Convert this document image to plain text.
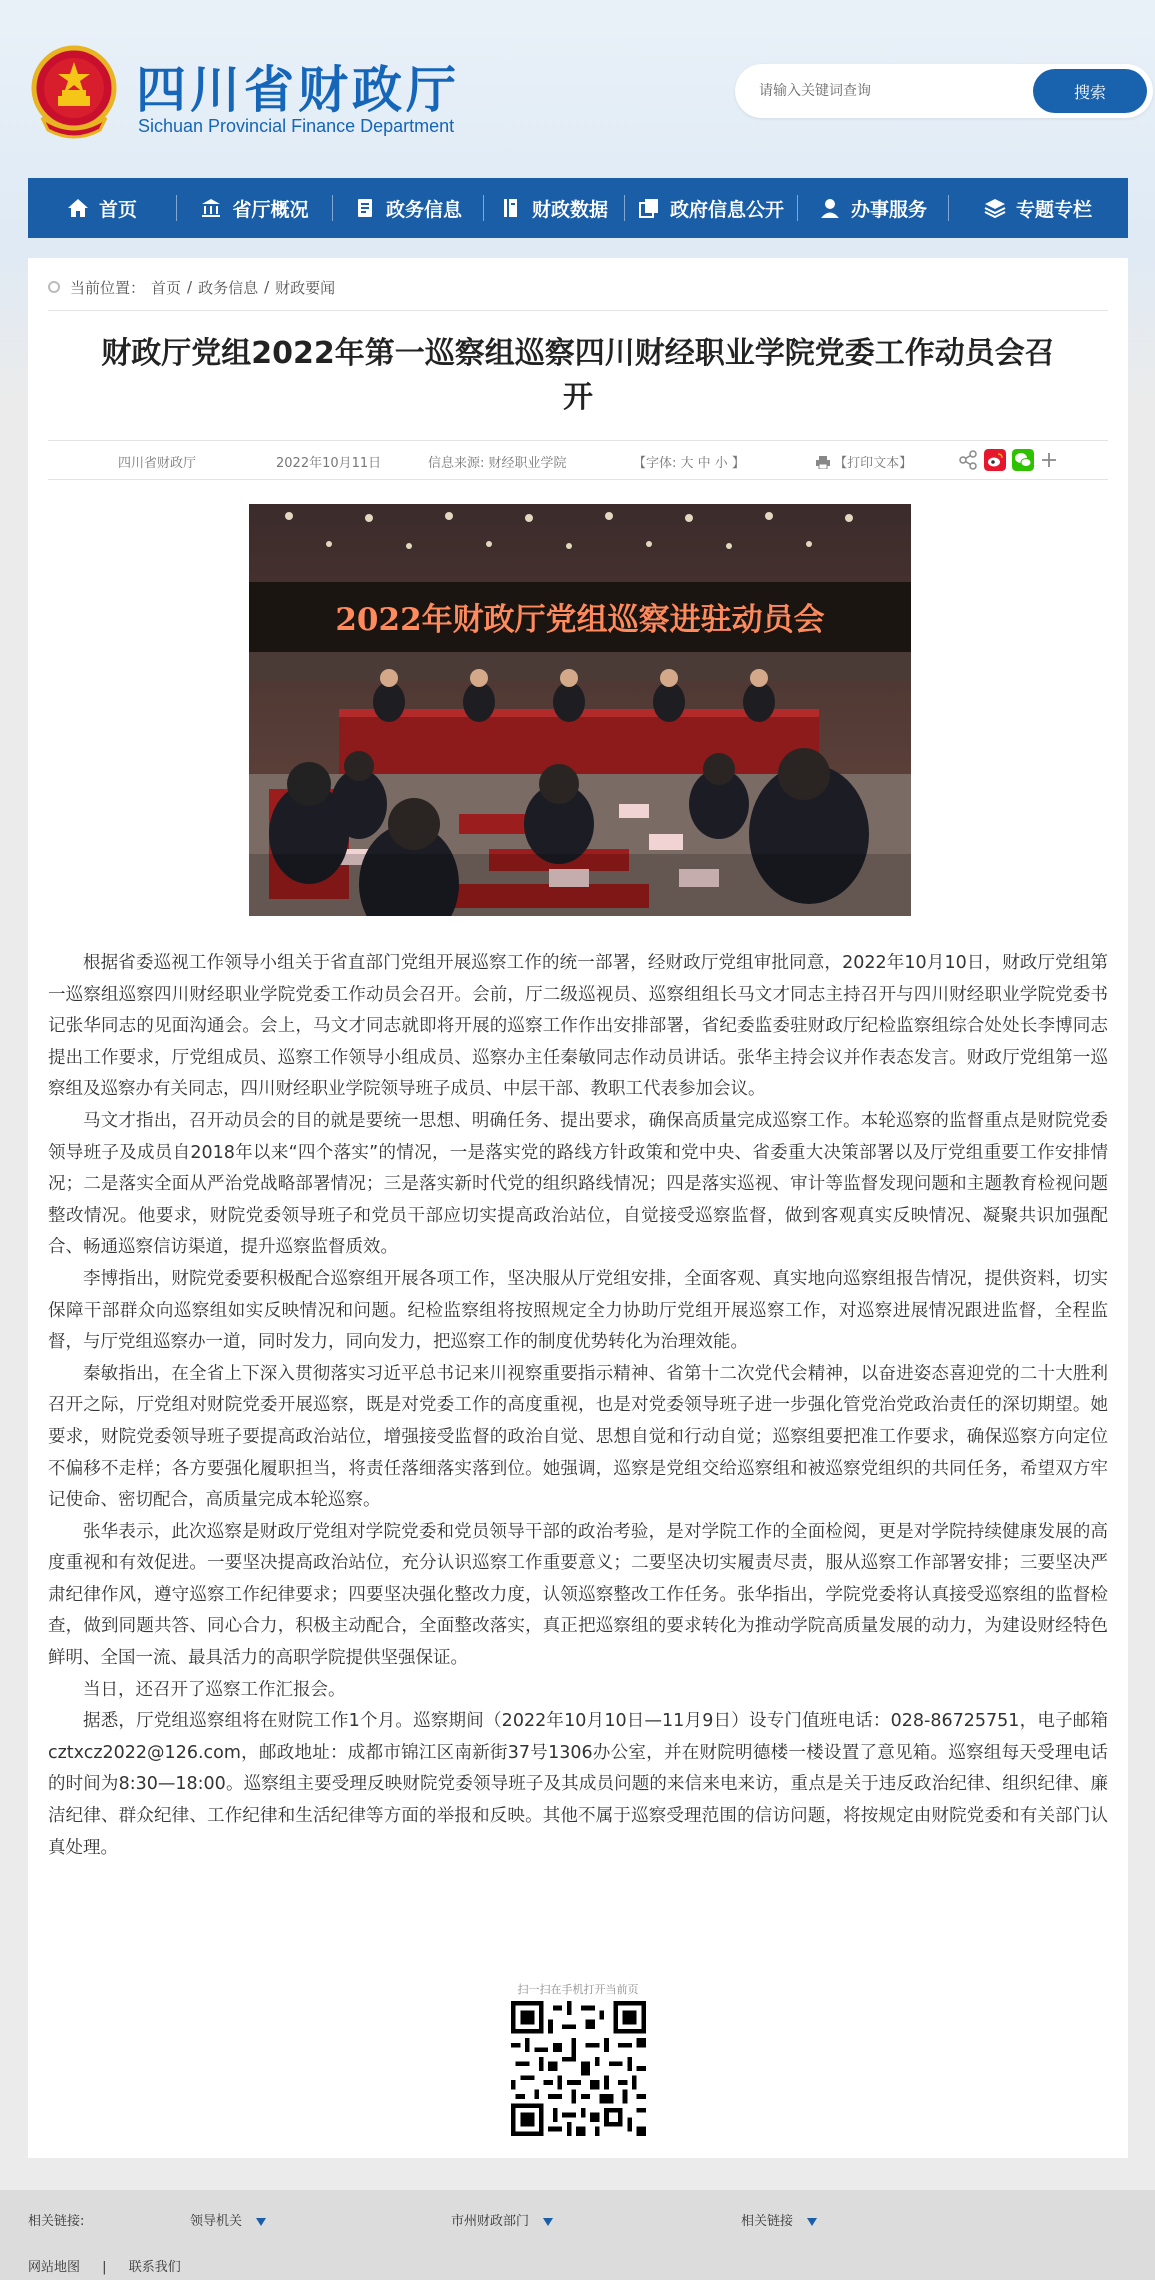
四川省财政厅
Sichuan Provincial Finance Department
请输入关键词查询
搜索
首页	省厅概况	政务信息	财政数据	政府信息公开	办事服务	专题专栏
当前位置： 首页 / 政务信息 / 财政要闻
财政厅党组2022年第一巡察组巡察四川财经职业学院党委工作动员会召开
四川省财政厅	2022年10月11日	信息来源: 财经职业学院	【字体: 大 中 小 】	【打印文本】
2022年财政厅党组巡察进驻动员会

根据省委巡视工作领导小组关于省直部门党组开展巡察工作的统一部署，经财政厅党组审批同意，2022年10月10日，财政厅党组第一巡察组巡察四川财经职业学院党委工作动员会召开。会前，厅二级巡视员、巡察组组长马文才同志主持召开与四川财经职业学院党委书记张华同志的见面沟通会。会上，马文才同志就即将开展的巡察工作作出安排部署，省纪委监委驻财政厅纪检监察组综合处处长李博同志提出工作要求，厅党组成员、巡察工作领导小组成员、巡察办主任秦敏同志作动员讲话。张华主持会议并作表态发言。财政厅党组第一巡察组及巡察办有关同志，四川财经职业学院领导班子成员、中层干部、教职工代表参加会议。

马文才指出，召开动员会的目的就是要统一思想、明确任务、提出要求，确保高质量完成巡察工作。本轮巡察的监督重点是财院党委领导班子及成员自2018年以来“四个落实”的情况，一是落实党的路线方针政策和党中央、省委重大决策部署以及厅党组重要工作安排情况；二是落实全面从严治党战略部署情况；三是落实新时代党的组织路线情况；四是落实巡视、审计等监督发现问题和主题教育检视问题整改情况。他要求，财院党委领导班子和党员干部应切实提高政治站位，自觉接受巡察监督，做到客观真实反映情况、凝聚共识加强配合、畅通巡察信访渠道，提升巡察监督质效。

李博指出，财院党委要积极配合巡察组开展各项工作，坚决服从厅党组安排，全面客观、真实地向巡察组报告情况，提供资料，切实保障干部群众向巡察组如实反映情况和问题。纪检监察组将按照规定全力协助厅党组开展巡察工作，对巡察进展情况跟进监督，全程监督，与厅党组巡察办一道，同时发力，同向发力，把巡察工作的制度优势转化为治理效能。

秦敏指出，在全省上下深入贯彻落实习近平总书记来川视察重要指示精神、省第十二次党代会精神，以奋进姿态喜迎党的二十大胜利召开之际，厅党组对财院党委开展巡察，既是对党委工作的高度重视，也是对党委领导班子进一步强化管党治党政治责任的深切期望。她要求，财院党委领导班子要提高政治站位，增强接受监督的政治自觉、思想自觉和行动自觉；巡察组要把准工作要求，确保巡察方向定位不偏移不走样；各方要强化履职担当，将责任落细落实落到位。她强调，巡察是党组交给巡察组和被巡察党组织的共同任务，希望双方牢记使命、密切配合，高质量完成本轮巡察。

张华表示，此次巡察是财政厅党组对学院党委和党员领导干部的政治考验，是对学院工作的全面检阅，更是对学院持续健康发展的高度重视和有效促进。一要坚决提高政治站位，充分认识巡察工作重要意义；二要坚决切实履责尽责，服从巡察工作部署安排；三要坚决严肃纪律作风，遵守巡察工作纪律要求；四要坚决强化整改力度，认领巡察整改工作任务。张华指出，学院党委将认真接受巡察组的监督检查，做到同题共答、同心合力，积极主动配合，全面整改落实，真正把巡察组的要求转化为推动学院高质量发展的动力，为建设财经特色鲜明、全国一流、最具活力的高职学院提供坚强保证。

当日，还召开了巡察工作汇报会。

据悉，厅党组巡察组将在财院工作1个月。巡察期间（2022年10月10日—11月9日）设专门值班电话：028-86725751，电子邮箱cztxcz2022@126.com，邮政地址：成都市锦江区南新街37号1306办公室，并在财院明德楼一楼设置了意见箱。巡察组每天受理电话的时间为8:30—18:00。巡察组主要受理反映财院党委领导班子及其成员问题的来信来电来访，重点是关于违反政治纪律、组织纪律、廉洁纪律、群众纪律、工作纪律和生活纪律等方面的举报和反映。其他不属于巡察受理范围的信访问题，将按规定由财院党委和有关部门认真处理。

扫一扫在手机打开当前页
相关链接:	领导机关	市州财政部门	相关链接
网站地图 | 联系我们
